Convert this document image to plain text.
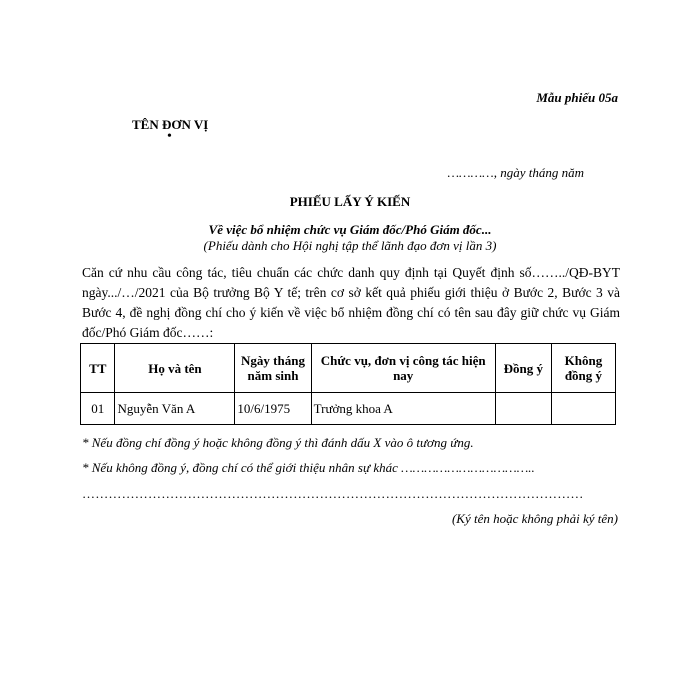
Mẫu phiếu 05a
TÊN ĐƠN VỊ
•
…………, ngày tháng năm
PHIẾU LẤY Ý KIẾN
Về việc bổ nhiệm chức vụ Giám đốc/Phó Giám đốc...
(Phiếu dành cho Hội nghị tập thể lãnh đạo đơn vị lần 3)
Căn cứ nhu cầu công tác, tiêu chuẩn các chức danh quy định tại Quyết định số……../QĐ-BYT
ngày.../…/2021 của Bộ trưởng Bộ Y tế; trên cơ sở kết quả phiếu giới thiệu ở Bước 2, Bước 3 và
Bước 4, đề nghị đồng chí cho ý kiến về việc bổ nhiệm đồng chí có tên sau đây giữ chức vụ Giám
đốc/Phó Giám đốc……:
TT	Họ và tên	Ngày tháng năm sinh	Chức vụ, đơn vị công tác hiện nay	Đồng ý	Không đồng ý
01	Nguyễn Văn A	10/6/1975	Trưởng khoa A		
* Nếu đồng chí đồng ý hoặc không đồng ý thì đánh dấu X vào ô tương ứng.
* Nếu không đồng ý, đồng chí có thể giới thiệu nhân sự khác ……………………………..
……………………………………………………………………………………………………
(Ký tên hoặc không phải ký tên)
